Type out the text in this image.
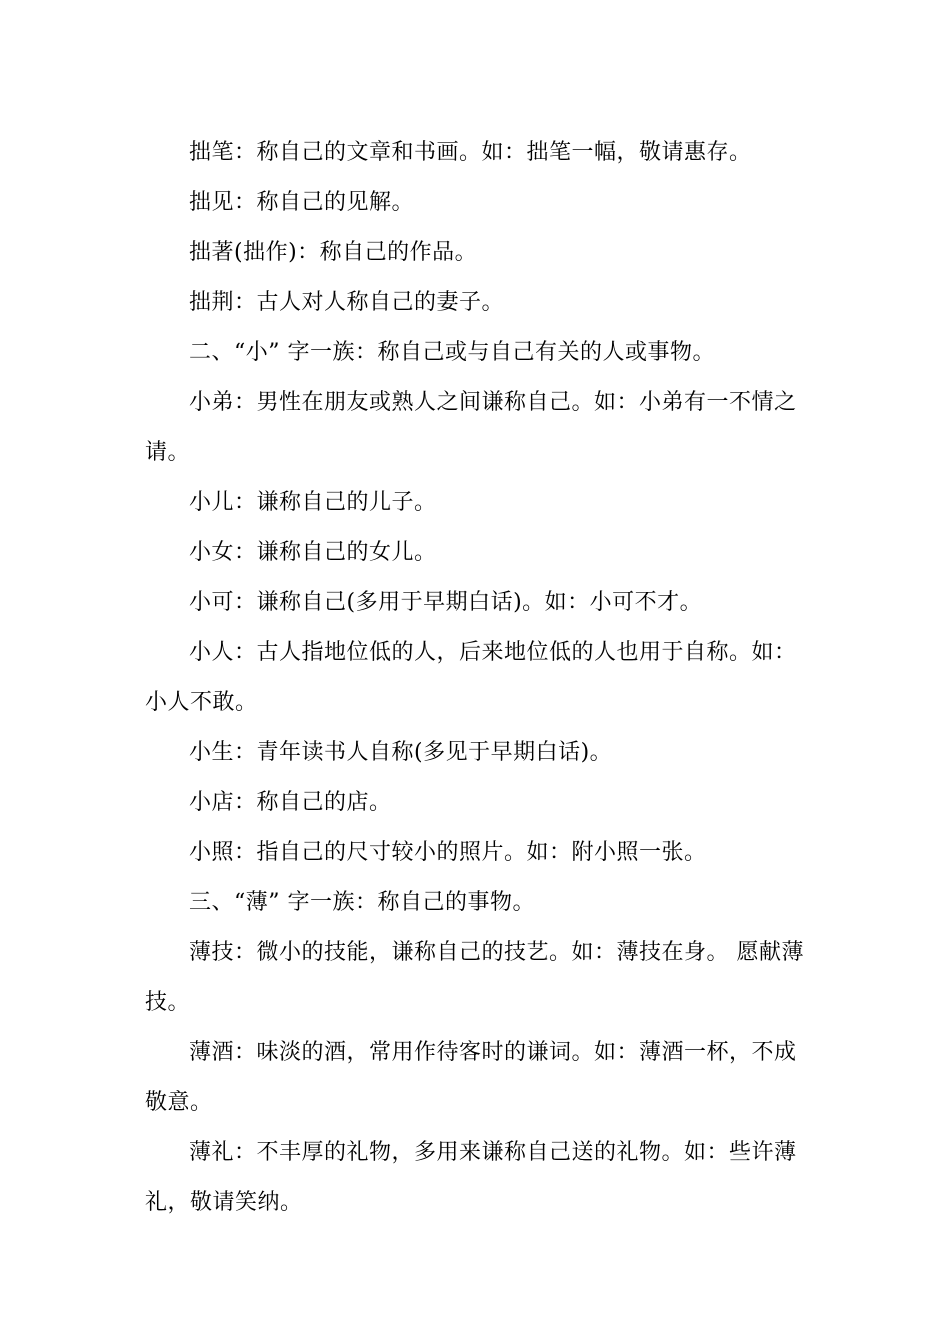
拙笔：称自己的文章和书画。如：拙笔一幅，敬请惠存。

拙见：称自己的见解。

拙著(拙作)：称自己的作品。

拙荆：古人对人称自己的妻子。

二、“小” 字一族：称自己或与自己有关的人或事物。

小弟：男性在朋友或熟人之间谦称自己。如：小弟有一不情之请。

小儿：谦称自己的儿子。

小女：谦称自己的女儿。

小可：谦称自己(多用于早期白话)。如：小可不才。

小人：古人指地位低的人，后来地位低的人也用于自称。如：小人不敢。

小生：青年读书人自称(多见于早期白话)。

小店：称自己的店。

小照：指自己的尺寸较小的照片。如：附小照一张。

三、“薄” 字一族：称自己的事物。

薄技：微小的技能，谦称自己的技艺。如：薄技在身。 愿献薄技。

薄酒：味淡的酒，常用作待客时的谦词。如：薄酒一杯，不成敬意。

薄礼：不丰厚的礼物，多用来谦称自己送的礼物。如：些许薄礼，敬请笑纳。
